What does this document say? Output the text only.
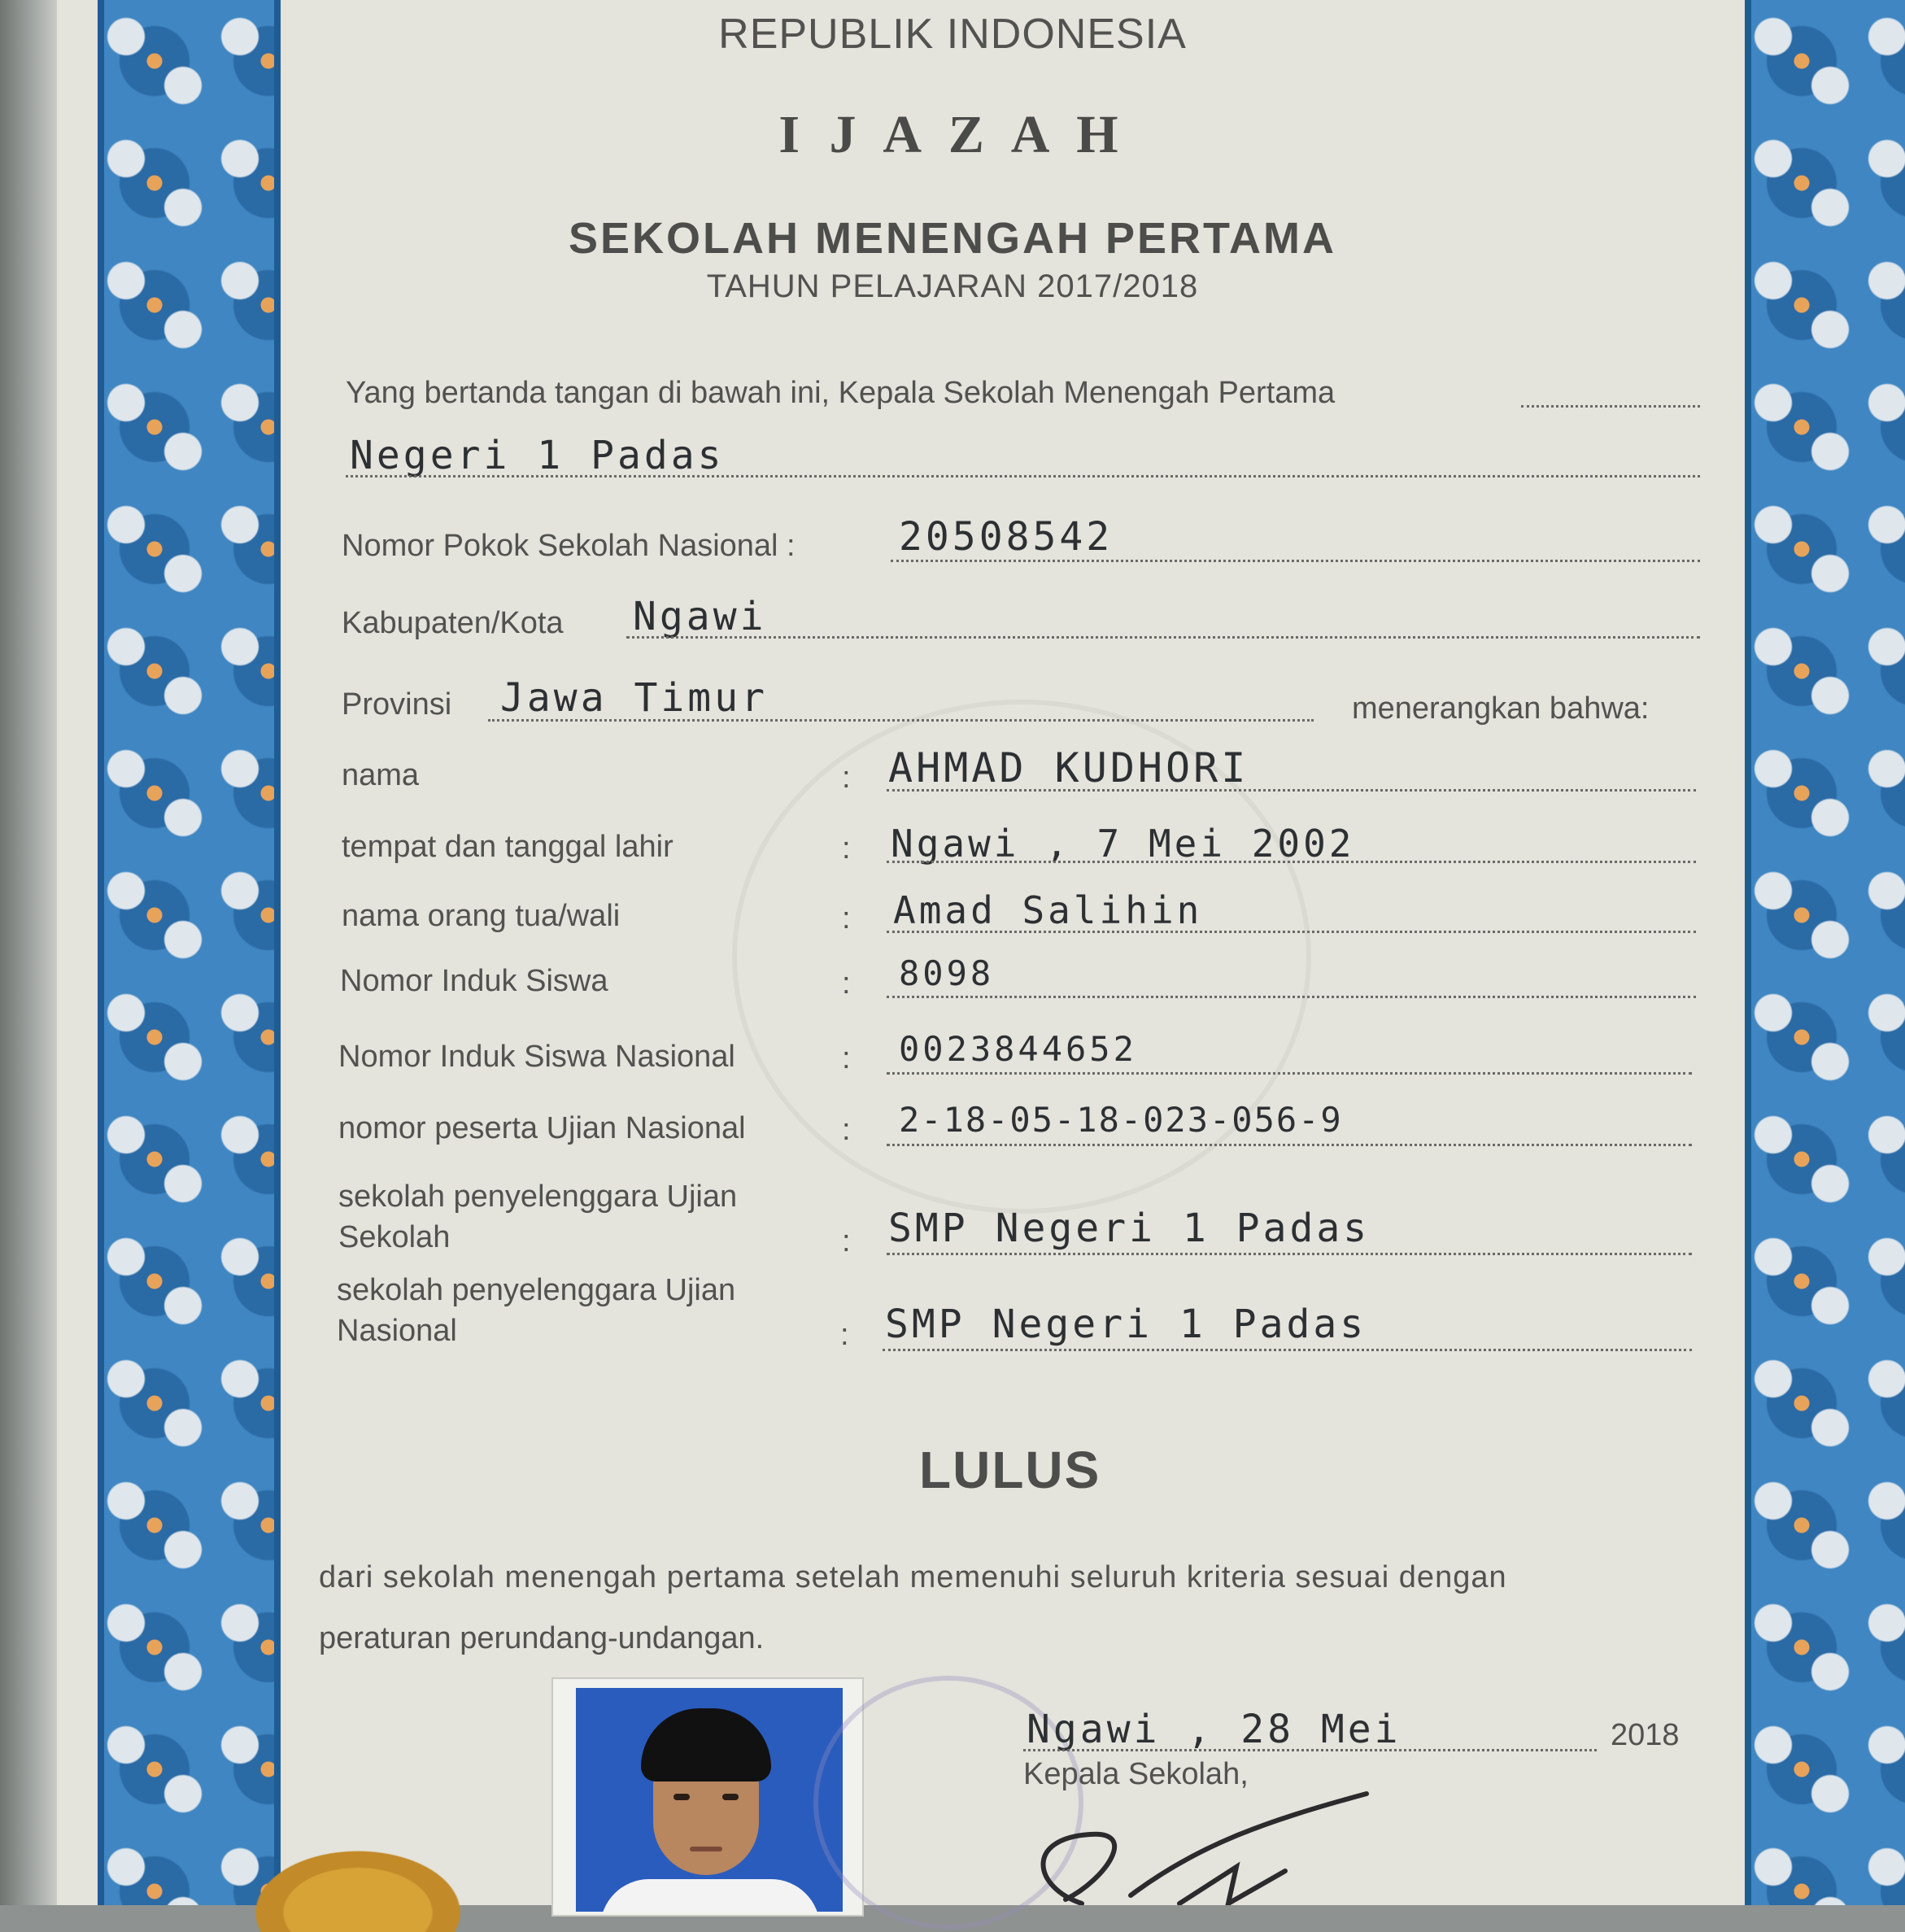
REPUBLIK INDONESIA
I J A Z A H
SEKOLAH MENENGAH PERTAMA
TAHUN PELAJARAN 2017/2018
Yang bertanda tangan di bawah ini, Kepala Sekolah Menengah Pertama
Negeri 1 Padas
Nomor Pokok Sekolah Nasional :	20508542
Kabupaten/Kota Ngawi
Provinsi Jawa Timur	menerangkan bahwa:
nama	: AHMAD KUDHORI
tempat dan tanggal lahir	: Ngawi , 7 Mei 2002
nama orang tua/wali	: Amad Salihin
Nomor Induk Siswa	: 8098
Nomor Induk Siswa Nasional	: 0023844652
nomor peserta Ujian Nasional	: 2-18-05-18-023-056-9
sekolah penyelenggara Ujian
Sekolah	: SMP Negeri 1 Padas
sekolah penyelenggara Ujian
Nasional	: SMP Negeri 1 Padas
LULUS
dari sekolah menengah pertama setelah memenuhi seluruh kriteria sesuai dengan
peraturan perundang-undangan.
Ngawi , 28 Mei	2018
Kepala Sekolah,
